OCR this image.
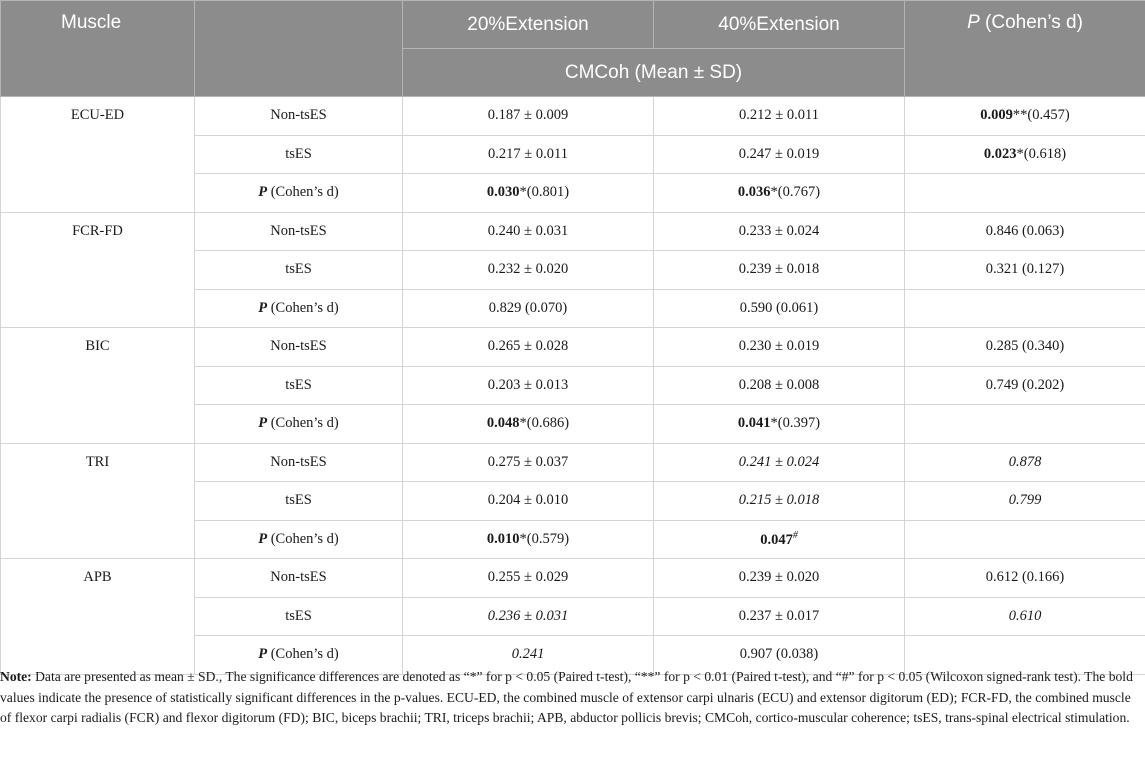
Muscle		20%Extension	40%Extension	P (Cohen’s d)
		CMCoh (Mean ± SD)		
ECU-ED	Non-tsES	0.187 ± 0.009	0.212 ± 0.011	0.009**(0.457)
	tsES	0.217 ± 0.011	0.247 ± 0.019	0.023*(0.618)
	P (Cohen’s d)	0.030*(0.801)	0.036*(0.767)	
FCR-FD	Non-tsES	0.240 ± 0.031	0.233 ± 0.024	0.846 (0.063)
	tsES	0.232 ± 0.020	0.239 ± 0.018	0.321 (0.127)
	P (Cohen’s d)	0.829 (0.070)	0.590 (0.061)	
BIC	Non-tsES	0.265 ± 0.028	0.230 ± 0.019	0.285 (0.340)
	tsES	0.203 ± 0.013	0.208 ± 0.008	0.749 (0.202)
	P (Cohen’s d)	0.048*(0.686)	0.041*(0.397)	
TRI	Non-tsES	0.275 ± 0.037	0.241 ± 0.024	0.878
	tsES	0.204 ± 0.010	0.215 ± 0.018	0.799
	P (Cohen’s d)	0.010*(0.579)	0.047#	
APB	Non-tsES	0.255 ± 0.029	0.239 ± 0.020	0.612 (0.166)
	tsES	0.236 ± 0.031	0.237 ± 0.017	0.610
	P (Cohen’s d)	0.241	0.907 (0.038)	
Note: Data are presented as mean ± SD., The significance differences are denoted as “*” for p < 0.05 (Paired t-test), “**” for p < 0.01 (Paired t-test), and “#” for p < 0.05 (Wilcoxon signed-rank test). The bold values indicate the presence of statistically significant differences in the p-values. ECU-ED, the combined muscle of extensor carpi ulnaris (ECU) and extensor digitorum (ED); FCR-FD, the combined muscle of flexor carpi radialis (FCR) and flexor digitorum (FD); BIC, biceps brachii; TRI, triceps brachii; APB, abductor pollicis brevis; CMCoh, cortico-muscular coherence; tsES, trans-spinal electrical stimulation.
